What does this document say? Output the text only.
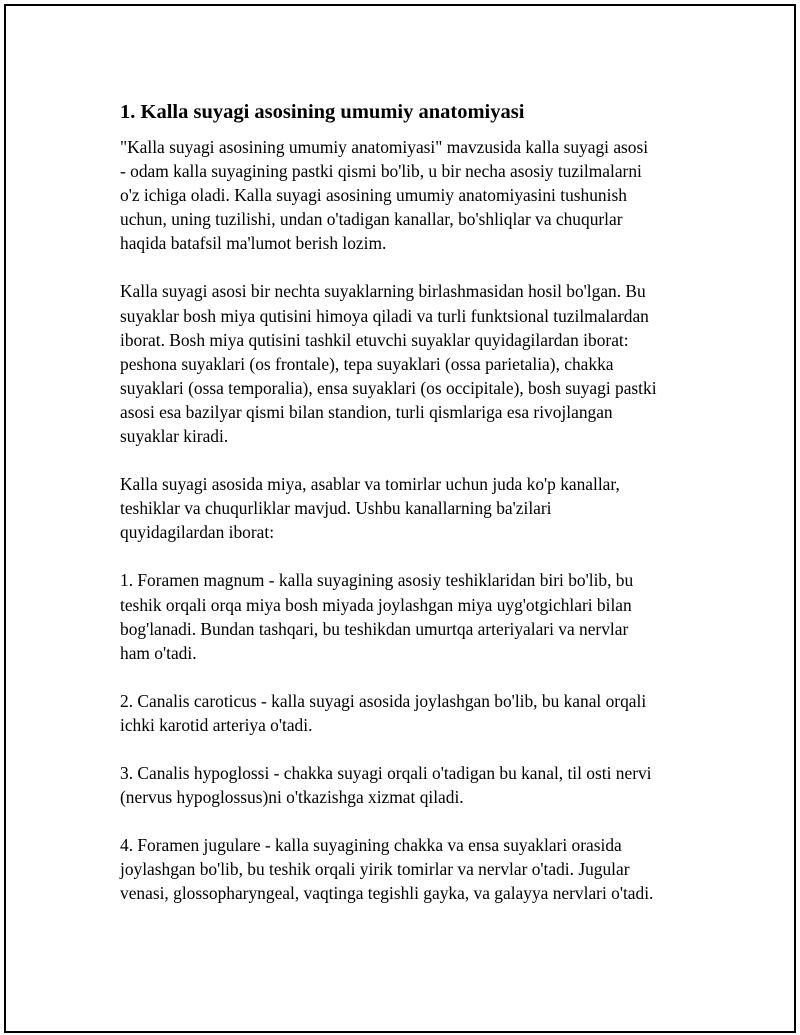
1. Kalla suyagi asosining umumiy anatomiyasi

"Kalla suyagi asosining umumiy anatomiyasi" mavzusida kalla suyagi asosi
- odam kalla suyagining pastki qismi bo'lib, u bir necha asosiy tuzilmalarni
o'z ichiga oladi. Kalla suyagi asosining umumiy anatomiyasini tushunish
uchun, uning tuzilishi, undan o'tadigan kanallar, bo'shliqlar va chuqurlar
haqida batafsil ma'lumot berish lozim.

Kalla suyagi asosi bir nechta suyaklarning birlashmasidan hosil bo'lgan. Bu
suyaklar bosh miya qutisini himoya qiladi va turli funktsional tuzilmalardan
iborat. Bosh miya qutisini tashkil etuvchi suyaklar quyidagilardan iborat:
peshona suyaklari (os frontale), tepa suyaklari (ossa parietalia), chakka
suyaklari (ossa temporalia), ensa suyaklari (os occipitale), bosh suyagi pastki
asosi esa bazilyar qismi bilan standion, turli qismlariga esa rivojlangan
suyaklar kiradi.

Kalla suyagi asosida miya, asablar va tomirlar uchun juda ko'p kanallar,
teshiklar va chuqurliklar mavjud. Ushbu kanallarning ba'zilari
quyidagilardan iborat:

1. Foramen magnum - kalla suyagining asosiy teshiklaridan biri bo'lib, bu
teshik orqali orqa miya bosh miyada joylashgan miya uyg'otgichlari bilan
bog'lanadi. Bundan tashqari, bu teshikdan umurtqa arteriyalari va nervlar
ham o'tadi.

2. Canalis caroticus - kalla suyagi asosida joylashgan bo'lib, bu kanal orqali
ichki karotid arteriya o'tadi.

3. Canalis hypoglossi - chakka suyagi orqali o'tadigan bu kanal, til osti nervi
(nervus hypoglossus)ni o'tkazishga xizmat qiladi.

4. Foramen jugulare - kalla suyagining chakka va ensa suyaklari orasida
joylashgan bo'lib, bu teshik orqali yirik tomirlar va nervlar o'tadi. Jugular
venasi, glossopharyngeal, vaqtinga tegishli gayka, va galayya nervlari o'tadi.
